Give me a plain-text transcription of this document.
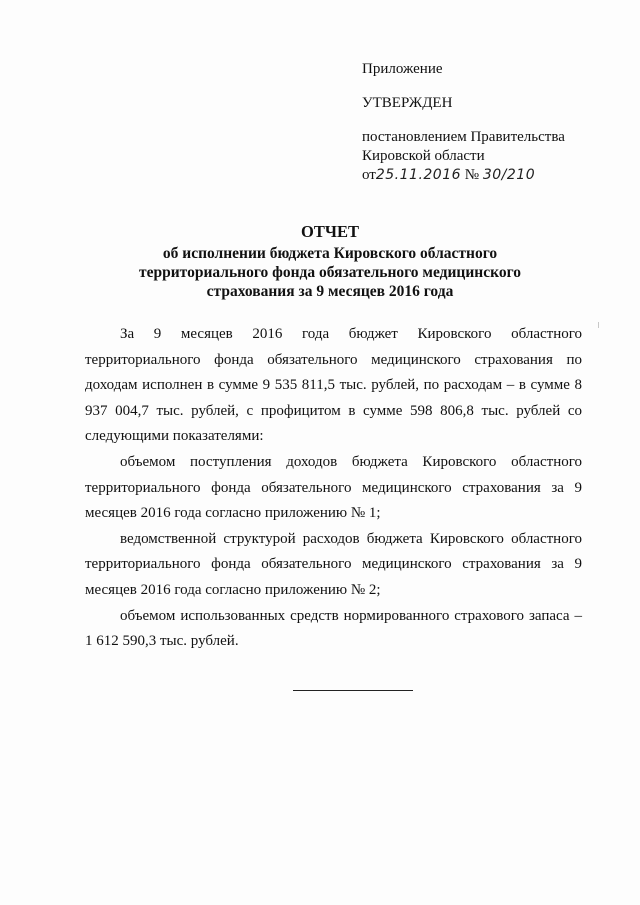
Приложение
УТВЕРЖДЕН
постановлением Правительства
Кировской области
от25.11.2016 № 30/210
ОТЧЕТ
об исполнении бюджета Кировского областного
территориального фонда обязательного медицинского
страхования за 9 месяцев 2016 года

За 9 месяцев 2016 года бюджет Кировского областного территориального фонда обязательного медицинского страхования по доходам исполнен в сумме 9 535 811,5 тыс. рублей, по расходам – в сумме 8 937 004,7 тыс. рублей, с профицитом в сумме 598 806,8 тыс. рублей со следующими показателями:

объемом поступления доходов бюджета Кировского областного территориального фонда обязательного медицинского страхования за 9 месяцев 2016 года согласно приложению № 1;

ведомственной структурой расходов бюджета Кировского областного территориального фонда обязательного медицинского страхования за 9 месяцев 2016 года согласно приложению № 2;

объемом использованных средств нормированного страхового запаса – 1 612 590,3 тыс. рублей.
